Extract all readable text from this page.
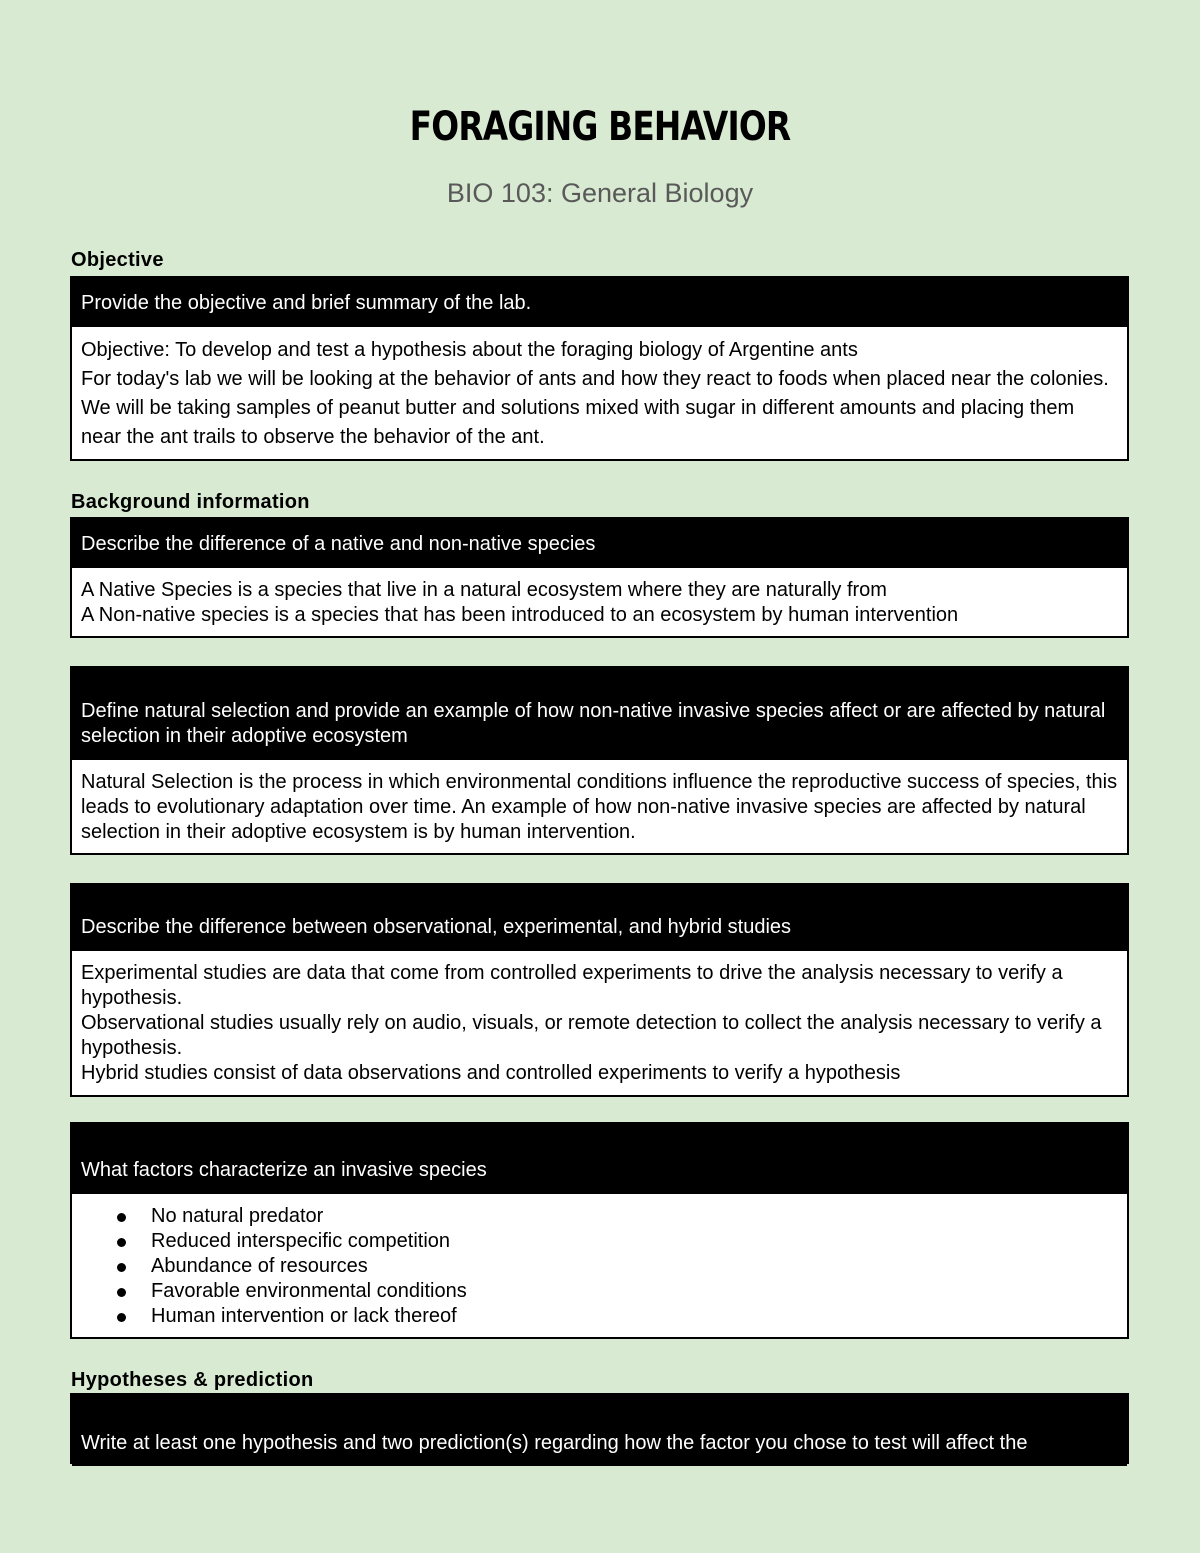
FORAGING BEHAVIOR
BIO 103: General Biology
Objective
Provide the objective and brief summary of the lab.

Objective: To develop and test a hypothesis about the foraging biology of Argentine ants

For today's lab we will be looking at the behavior of ants and how they react to foods when placed near the colonies. We will be taking samples of peanut butter and solutions mixed with sugar in different amounts and placing them near the ant trails to observe the behavior of the ant.

Background information
Describe the difference of a native and non-native species

A Native Species is a species that live in a natural ecosystem where they are naturally from

A Non-native species is a species that has been introduced to an ecosystem by human intervention

Define natural selection and provide an example of how non-native invasive species affect or are affected by natural selection in their adoptive ecosystem

Natural Selection is the process in which environmental conditions influence the reproductive success of species, this leads to evolutionary adaptation over time. An example of how non-native invasive species are affected by natural selection in their adoptive ecosystem is by human intervention.

Describe the difference between observational, experimental, and hybrid studies

Experimental studies are data that come from controlled experiments to drive the analysis necessary to verify a hypothesis.

Observational studies usually rely on audio, visuals, or remote detection to collect the analysis necessary to verify a hypothesis.

Hybrid studies consist of data observations and controlled experiments to verify a hypothesis

What factors characterize an invasive species
No natural predator
Reduced interspecific competition
Abundance of resources
Favorable environmental conditions
Human intervention or lack thereof
Hypotheses & prediction
Write at least one hypothesis and two prediction(s) regarding how the factor you chose to test will affect the
